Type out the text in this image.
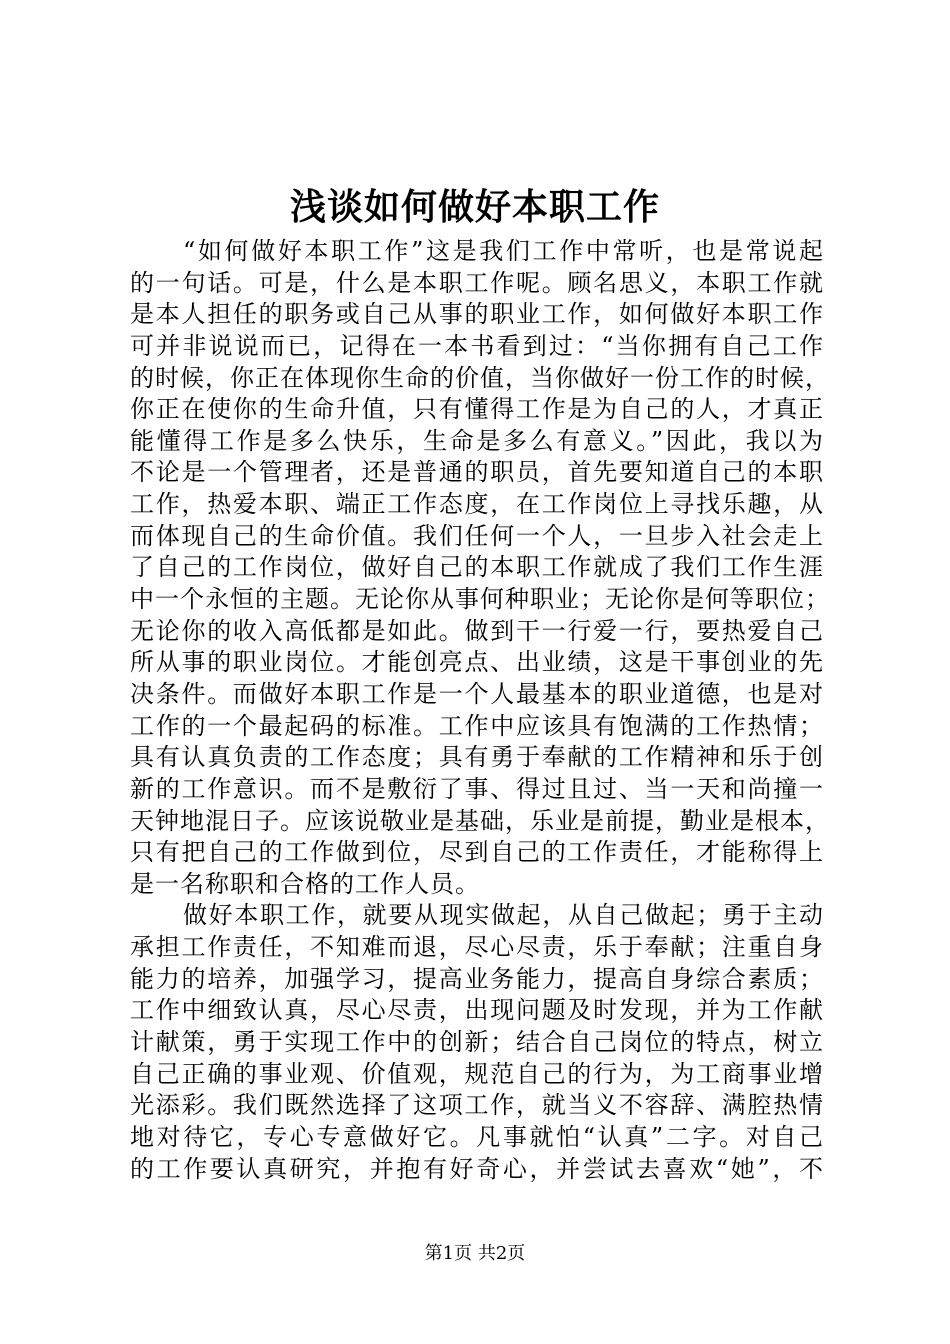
浅谈如何做好本职工作
“如何做好本职工作”这是我们工作中常听，也是常说起
的一句话。可是，什么是本职工作呢。顾名思义，本职工作就
是本人担任的职务或自己从事的职业工作，如何做好本职工作
可并非说说而已，记得在一本书看到过：“当你拥有自己工作
的时候，你正在体现你生命的价值，当你做好一份工作的时候，
你正在使你的生命升值，只有懂得工作是为自己的人，才真正
能懂得工作是多么快乐，生命是多么有意义。”因此，我以为
不论是一个管理者，还是普通的职员，首先要知道自己的本职
工作，热爱本职、端正工作态度，在工作岗位上寻找乐趣，从
而体现自己的生命价值。我们任何一个人，一旦步入社会走上
了自己的工作岗位，做好自己的本职工作就成了我们工作生涯
中一个永恒的主题。无论你从事何种职业；无论你是何等职位；
无论你的收入高低都是如此。做到干一行爱一行，要热爱自己
所从事的职业岗位。才能创亮点、出业绩，这是干事创业的先
决条件。而做好本职工作是一个人最基本的职业道德，也是对
工作的一个最起码的标准。工作中应该具有饱满的工作热情；
具有认真负责的工作态度；具有勇于奉献的工作精神和乐于创
新的工作意识。而不是敷衍了事、得过且过、当一天和尚撞一
天钟地混日子。应该说敬业是基础，乐业是前提，勤业是根本，
只有把自己的工作做到位，尽到自己的工作责任，才能称得上
是一名称职和合格的工作人员。
做好本职工作，就要从现实做起，从自己做起；勇于主动
承担工作责任，不知难而退，尽心尽责，乐于奉献；注重自身
能力的培养，加强学习，提高业务能力，提高自身综合素质；
工作中细致认真，尽心尽责，出现问题及时发现，并为工作献
计献策，勇于实现工作中的创新；结合自己岗位的特点，树立
自己正确的事业观、价值观，规范自己的行为，为工商事业增
光添彩。我们既然选择了这项工作，就当义不容辞、满腔热情
地对待它，专心专意做好它。凡事就怕“认真”二字。对自己
的工作要认真研究，并抱有好奇心，并尝试去喜欢“她”，不
第1页 共2页
